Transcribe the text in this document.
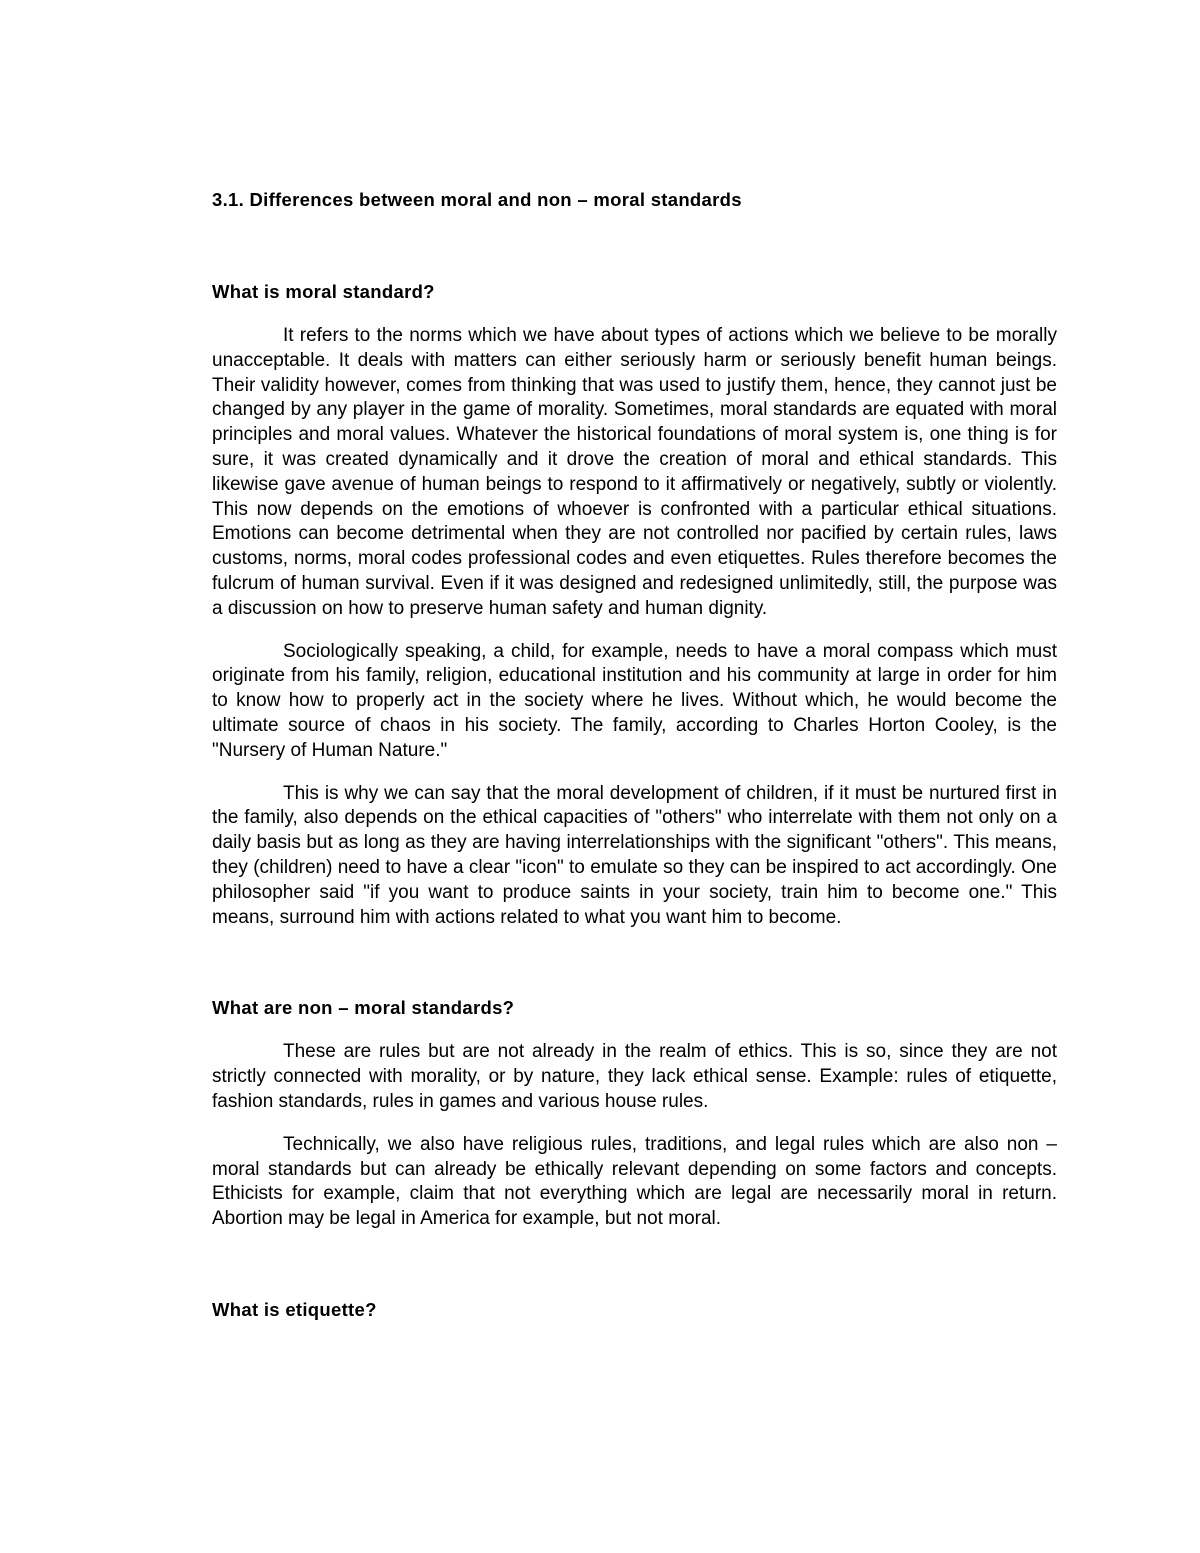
3.1. Differences between moral and non – moral standards
What is moral standard?

It refers to the norms which we have about types of actions which we believe to be morally unacceptable. It deals with matters can either seriously harm or seriously benefit human beings. Their validity however, comes from thinking that was used to justify them, hence, they cannot just be changed by any player in the game of morality. Sometimes, moral standards are equated with moral principles and moral values. Whatever the historical foundations of moral system is, one thing is for sure, it was created dynamically and it drove the creation of moral and ethical standards. This likewise gave avenue of human beings to respond to it affirmatively or negatively, subtly or violently. This now depends on the emotions of whoever is confronted with a particular ethical situations. Emotions can become detrimental when they are not controlled nor pacified by certain rules, laws customs, norms, moral codes professional codes and even etiquettes. Rules therefore becomes the fulcrum of human survival. Even if it was designed and redesigned unlimitedly, still, the purpose was a discussion on how to preserve human safety and human dignity.

Sociologically speaking, a child, for example, needs to have a moral compass which must originate from his family, religion, educational institution and his community at large in order for him to know how to properly act in the society where he lives. Without which, he would become the ultimate source of chaos in his society. The family, according to Charles Horton Cooley, is the "Nursery of Human Nature."

This is why we can say that the moral development of children, if it must be nurtured first in the family, also depends on the ethical capacities of "others" who interrelate with them not only on a daily basis but as long as they are having interrelationships with the significant "others". This means, they (children) need to have a clear "icon" to emulate so they can be inspired to act accordingly. One philosopher said "if you want to produce saints in your society, train him to become one." This means, surround him with actions related to what you want him to become.

What are non – moral standards?

These are rules but are not already in the realm of ethics. This is so, since they are not strictly connected with morality, or by nature, they lack ethical sense. Example: rules of etiquette, fashion standards, rules in games and various house rules.

Technically, we also have religious rules, traditions, and legal rules which are also non – moral standards but can already be ethically relevant depending on some factors and concepts. Ethicists for example, claim that not everything which are legal are necessarily moral in return. Abortion may be legal in America for example, but not moral.

What is etiquette?
